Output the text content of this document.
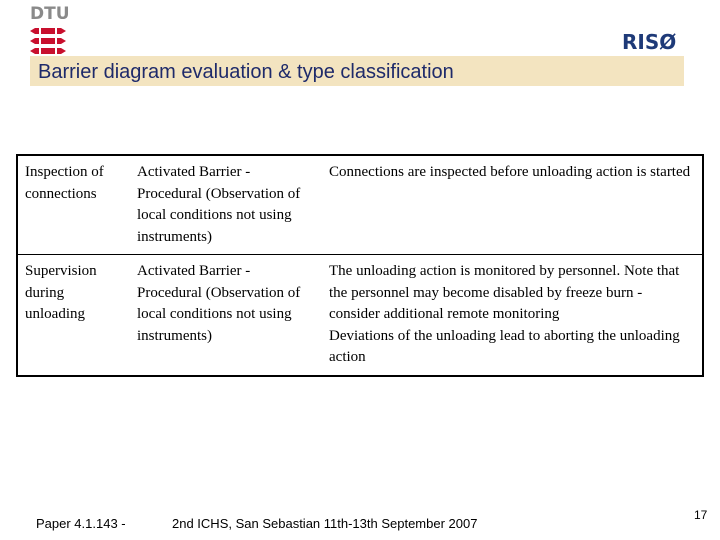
DTU
RISØ
Barrier diagram evaluation & type classification
Inspection of connections	Activated Barrier - Procedural (Observation of local conditions not using instruments)	Connections are inspected before unloading action is started

Supervision during unloading	Activated Barrier - Procedural (Observation of local conditions not using instruments)	The unloading action is monitored by personnel. Note that the personnel may become disabled by freeze burn - consider additional remote monitoring
Deviations of the unloading lead to aborting the unloading action
Paper 4.1.143 -	2nd ICHS, San Sebastian 11th-13th September 2007
17
